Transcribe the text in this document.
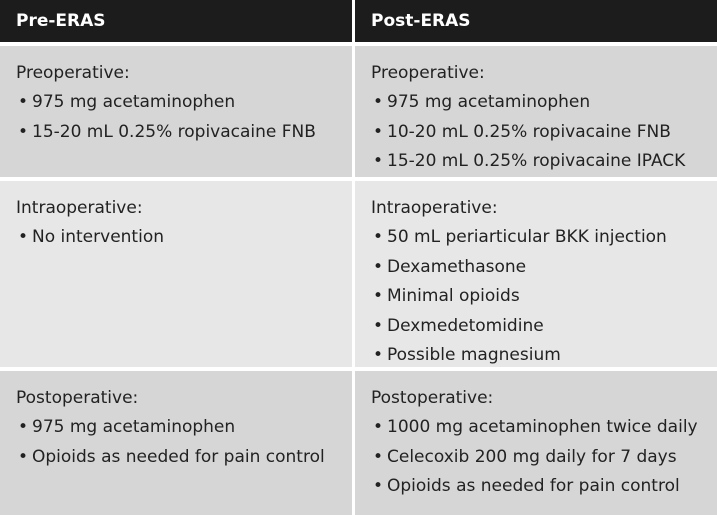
Pre-ERAS
Preoperative:
• 975 mg acetaminophen
• 15-20 mL 0.25% ropivacaine FNB
Intraoperative:
• No intervention
Postoperative:
• 975 mg acetaminophen
• Opioids as needed for pain control
Post-ERAS
Preoperative:
• 975 mg acetaminophen
• 10-20 mL 0.25% ropivacaine FNB
• 15-20 mL 0.25% ropivacaine IPACK
Intraoperative:
• 50 mL periarticular BKK injection
• Dexamethasone
• Minimal opioids
• Dexmedetomidine
• Possible magnesium
Postoperative:
• 1000 mg acetaminophen twice daily
• Celecoxib 200 mg daily for 7 days
• Opioids as needed for pain control
